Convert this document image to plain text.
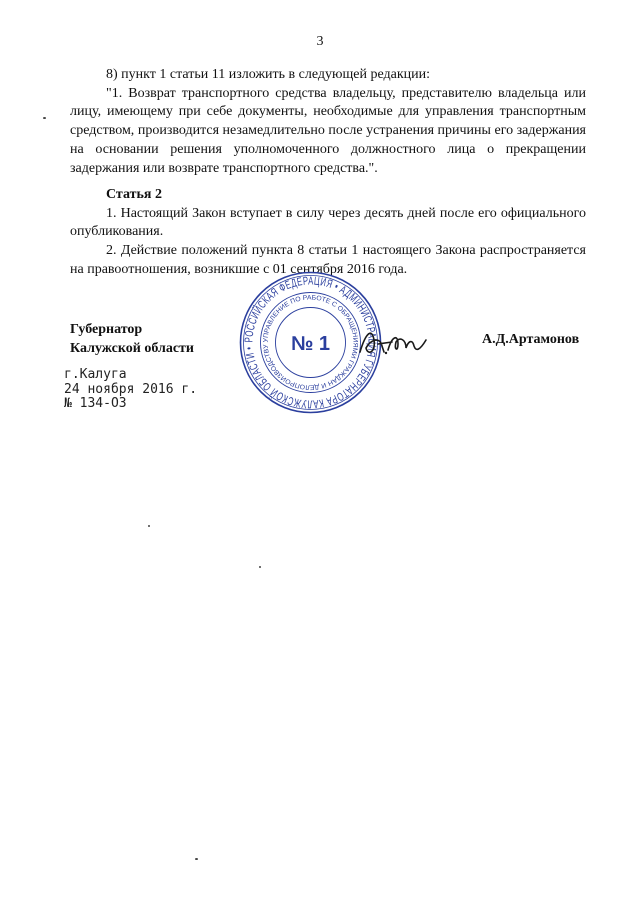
3

8) пункт 1 статьи 11 изложить в следующей редакции:

"1. Возврат транспортного средства владельцу, представителю владельца или лицу, имеющему при себе документы, необходимые для управления транспортным средством, производится незамедлительно после устранения причины его задержания на основании решения уполномоченного должностного лица о прекращении задержания или возврате транспортного средства.".

Статья 2

1. Настоящий Закон вступает в силу через десять дней после его официального опубликования.

2. Действие положений пункта 8 статьи 1 настоящего Закона распространяется на правоотношения, возникшие с 01 сентября 2016 года.

Губернатор
Калужской области
РОССИЙСКАЯ ФЕДЕРАЦИЯ • АДМИНИСТРАЦИЯ ГУБЕРНАТОРА КАЛУЖСКОЙ ОБЛАСТИ •
УПРАВЛЕНИЕ ПО РАБОТЕ С ОБРАЩЕНИЯМИ ГРАЖДАН И ДЕЛОПРОИЗВОДСТВУ	№ 1	А.Д.Артамонов
г.Калуга
24 ноября 2016 г.
№ 134-ОЗ
